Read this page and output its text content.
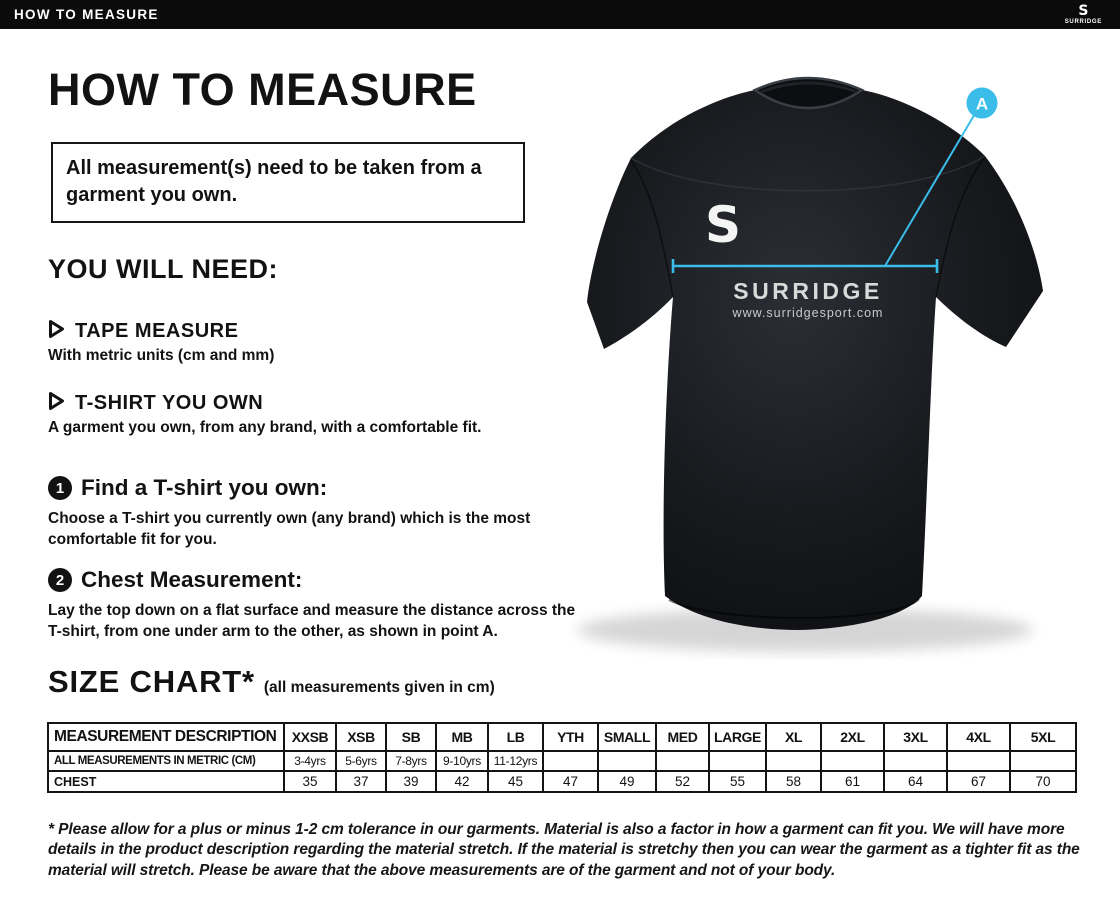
HOW TO MEASURE	S
SURRIDGE
HOW TO MEASURE
All measurement(s) need to be taken from a garment you own.
YOU WILL NEED:
TAPE MEASURE
With metric units (cm and mm)
T-SHIRT YOU OWN
A garment you own, from any brand, with a comfortable fit.
1 Find a T-shirt you own:
Choose a T-shirt you currently own (any brand) which is the most comfortable fit for you.
2 Chest Measurement:
Lay the top down on a flat surface and measure the distance across the T-shirt, from one under arm to the other, as shown in point A.
SIZE CHART* (all measurements given in cm)
MEASUREMENT DESCRIPTION	XXSB	XSB	SB	MB	LB	YTH	SMALL	MED	LARGE	XL	2XL	3XL	4XL	5XL
ALL MEASUREMENTS IN METRIC (CM)	3-4yrs	5-6yrs	7-8yrs	9-10yrs	11-12yrs									
CHEST	35	37	39	42	45	47	49	52	55	58	61	64	67	70

* Please allow for a plus or minus 1-2 cm tolerance in our garments. Material is also a factor in how a garment can fit you. We will have more details in the product description regarding the material stretch. If the material is stretchy then you can wear the garment as a tighter fit as the material will stretch. Please be aware that the above measurements are of the garment and not of your body.

S
A
SURRIDGE
www.surridgesport.com
